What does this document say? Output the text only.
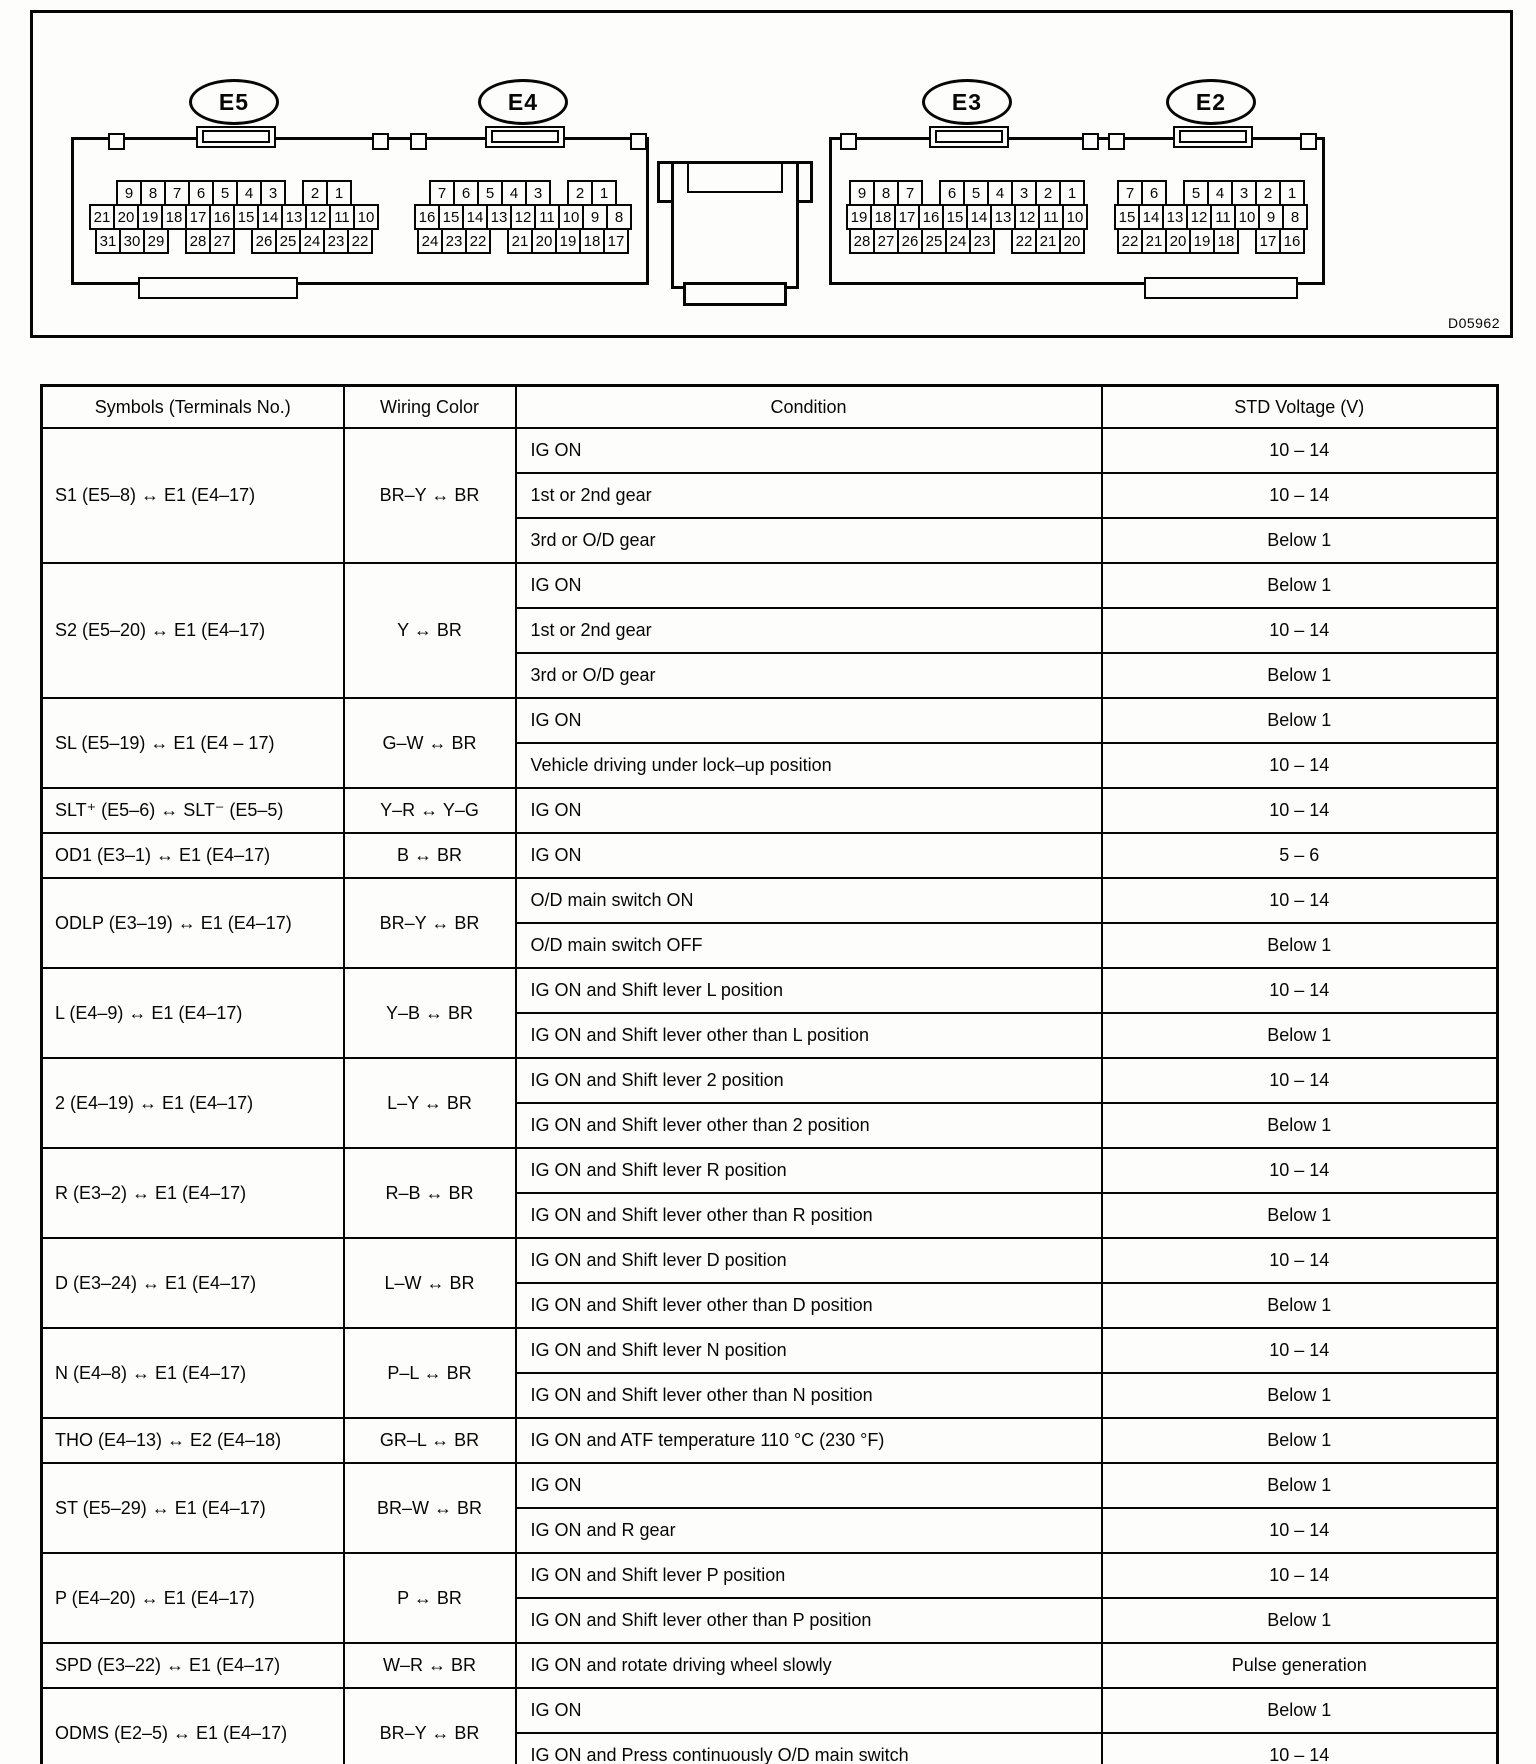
E5	E4	E3	E2
9	8	7	6	5	4	3	2	1
21 20 19 18 17 16 15 14 13 12 11 10
31 30 29	28 27	26 25 24 23 22
7	6	5	4	3	2	1
16 15 14 13 12 11 10 9	8
24 23 22	21 20 19 18 17
9	8	7	6	5	4	3	2	1
19 18 17 16 15 14 13 12 11 10
28 27 26 25 24 23	22 21 20
7	6	5	4	3	2	1
15 14 13 12 11 10 9	8
22 21 20 19 18	17 16
D05962
Symbols (Terminals No.)	Wiring Color	Condition	STD Voltage (V)
S1 (E5–8) ↔ E1 (E4–17)	BR–Y ↔ BR	IG ON	10 – 14
		1st or 2nd gear	10 – 14
		3rd or O/D gear	Below 1
S2 (E5–20) ↔ E1 (E4–17)	Y ↔ BR	IG ON	Below 1
		1st or 2nd gear	10 – 14
		3rd or O/D gear	Below 1
SL (E5–19) ↔ E1 (E4 – 17)	G–W ↔ BR	IG ON	Below 1
		Vehicle driving under lock–up position	10 – 14
SLT⁺ (E5–6) ↔ SLT⁻ (E5–5)	Y–R ↔ Y–G	IG ON	10 – 14
OD1 (E3–1) ↔ E1 (E4–17)	B ↔ BR	IG ON	5 – 6
ODLP (E3–19) ↔ E1 (E4–17)	BR–Y ↔ BR	O/D main switch ON	10 – 14
		O/D main switch OFF	Below 1
L (E4–9) ↔ E1 (E4–17)	Y–B ↔ BR	IG ON and Shift lever L position	10 – 14
		IG ON and Shift lever other than L position	Below 1
2 (E4–19) ↔ E1 (E4–17)	L–Y ↔ BR	IG ON and Shift lever 2 position	10 – 14
		IG ON and Shift lever other than 2 position	Below 1
R (E3–2) ↔ E1 (E4–17)	R–B ↔ BR	IG ON and Shift lever R position	10 – 14
		IG ON and Shift lever other than R position	Below 1
D (E3–24) ↔ E1 (E4–17)	L–W ↔ BR	IG ON and Shift lever D position	10 – 14
		IG ON and Shift lever other than D position	Below 1
N (E4–8) ↔ E1 (E4–17)	P–L ↔ BR	IG ON and Shift lever N position	10 – 14
		IG ON and Shift lever other than N position	Below 1
THO (E4–13) ↔ E2 (E4–18)	GR–L ↔ BR	IG ON and ATF temperature 110 °C (230 °F)	Below 1
ST (E5–29) ↔ E1 (E4–17)	BR–W ↔ BR	IG ON	Below 1
		IG ON and R gear	10 – 14
P (E4–20) ↔ E1 (E4–17)	P ↔ BR	IG ON and Shift lever P position	10 – 14
		IG ON and Shift lever other than P position	Below 1
SPD (E3–22) ↔ E1 (E4–17)	W–R ↔ BR	IG ON and rotate driving wheel slowly	Pulse generation
ODMS (E2–5) ↔ E1 (E4–17)	BR–Y ↔ BR	IG ON	Below 1
		IG ON and Press continuously O/D main switch	10 – 14
